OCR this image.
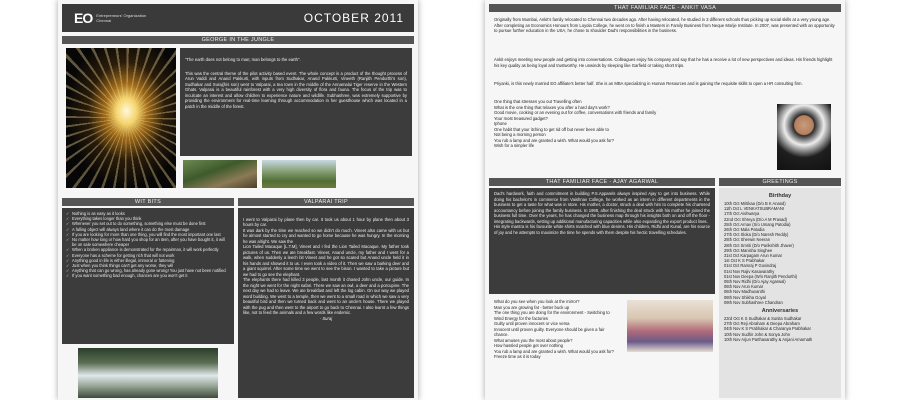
EO Entrepreneurs' Organization
Chennai	OCTOBER 2011
GEORGE IN THE JUNGLE

"The earth does not belong to man; man belongs to the earth".

This was the central theme of the pilot activity based event. The whole concept is a product of the thought process of Arun Vaddi and Anand Pakkurti, with inputs from Sudhakar, Anand Pakkurti, Vineeth (Ranjith Pendurthi's son), Sudhakar and Suraj(his son) went to Valparai, a tea town in the middle of the Annamalai Tiger reserve in the Western Ghats. Valparai is a beautiful rainforest with a very high diversity of flora and fauna. The focus of the trip was to inculcate an interest and allow children to experience nature and wildlife. Subhashree, was extremely supportive by providing the environment for real-time learning through accommodation in her guesthouse which was located in a patch in the middle of the forest.

WIT BITS
✓ Nothing is as easy as it looks
✓ Everything takes longer than you think
✓ Whenever you set out to do something, something else must be done first
✓ A falling object will always land where it can do the most damage
✓ If you are looking for more than one thing, you will find the most important one last
✓ No matter how long or how hard you shop for an item, after you have bought it, it will be on sale somewhere cheaper
✓ When a broken appliance is demonstrated for the repairman, it will work perfectly
✓ Everyone has a scheme for getting rich that will not work
✓ Anything good in life is either illegal, immoral or fattening
✓ Just when you think things can't get any worse, they will
✓ Anything that can go wrong, has already gone wrong! You just have not been notified
✓ If you want something bad enough, chances are you won't get it
VALPARAI TRIP

I went to Valparai by plane then by car. It took us about 1 hour by plane then about 3 hours by car.
It was dark by the time we reached so we didn't do much. Vineet also came with us but he almost started to cry and wanted to go home because he was hungry. In the morning he was alright. We saw the
Lion Tailed Macaque [L.T.M], Vineet and I fed the Lion Tailed Macaque. My father took pictures of us. Then we ate breakfast. Vineet, Anand uncle, my father and I went for a walk, when suddenly a leech bit Vineet and he got so scared but Anand uncle held it in his hands and showed it to us. I even took a video of it. Then we saw a barking deer and a giant squirrel. After some time we went to see the bison. I wanted to take a picture but we had to go see the elephant.
The elephants there had killed 3 people, last month it chased John uncle, our guide. In the night we went for the night safari. There we saw an owl, a deer and a porcupine. The next day we had to leave. We ate breakfast and left the log cabin. On our way we played word building. We went to a temple, then we went to a small road in which we saw a very beautiful bird and then we turned back and went to an uncle's house. There we played with the pug and then went to the airport to go back to Chennai. I also learnt a few things like, not to feed the animals and a few words like endemic.

- Suraj

THAT FAMILIAR FACE - ANKIT VASA
Originally from Mumbai, Ankit's family relocated to Chennai two decades ago. After having relocated, he studied in 3 different schools thus picking up social skills at a very young age. After completing an Economics Honours from Loyola College, he went on to finish a Masters in Family Business from Neque Morije Institute. In 2007, was presented with an opportunity to pursue further education in the USA, he chose to shoulder Dad's responsibilities in the business.
Ankit enjoys meeting new people and getting into conversations. Colleagues enjoy his company and say that he has a receive a lot of new perspectives and ideas. His friends highlight his key quality as being loyal and trustworthy. He unwinds by sleeping like Garfield or taking short trips.
Priyanki, is this newly married EO affiliate's better half. She is an MBA specializing in Human Resources and is gaining the requisite skills to open a HR consulting firm.
One thing that stresses you out Travelling often
What is the one thing that relaxes you after a hard day's work?
Good movie, cooking or an evening out for coffee, conversations with friends and family
Your most treasured gadget?
Iphone
One habit that your itching to get rid off but never been able to
Not being a morning person
You rub a lamp and are granted a wish. What would you ask for?
Wish for a simpler life
THAT FAMILIAR FACE - AJAY AGARWAL
Dad's hardwork, faith and commitment in building P.S.Apparels always inspired Ajay to get into business. While doing his bachelor's in commerce from Vaishnav College, he worked as an intern in different departments in the business to get a taste for what was in store. His mother, a doctor, struck a deal with him to complete his chartered accountancy before joining the family business. In 1998, after finishing the deal struck with his mother he joined the business full time. Over the years, he has changed the business map through his insights both on and off the floor - integrating backwards, setting up additional manufacturing capacities while also expanding the export product lines.
His style mantra is his favourite white shirts matched with blue denims. His children, Ridhi and Kunal, are his source of joy and he attempts to maximize the time he spends with them despite his hectic travelling schedules.
What do you see when you look at the mirror?
Man you are growing fat - better buck up
The one thing you are doing for the environment - Switching to Wind Energy for the factories
Guilty until proven innocent or vice versa
Innocent until proven guilty. Everyone should be given a fair chance.
What amuses you the most about people?
How hassled people get over nothing
You rub a lamp and are granted a wish. What would you ask for?
Freeze time as it is today
GREETINGS
Birthday
10th Oct Mritikaa (D/o B K Anand)
11th Oct L VENKATSUBRAMANI
17th Oct Aishwarya
22nd Oct Shreya (D/o A M Prasad)
25th Oct Arnav (S/o Umang Patodia)
26th Oct Mala Patodia
27th Oct Sloka (D/o Naresh Reddy)
28th Oct Sherwin Neeran
28th Oct Smriti (D/o Parikshith Jhaver)
29th Oct Manisha Singhee
31st Oct Karpagam Arun Kumar
1st Oct K S Prabhakar
01st Oct Ramraj P Govindraj
01st Nov Rajiv Kasavarathy
01st Nov Deepa (W/o Ranjith Pendurthi)
05th Nov Ridhi (D/o Ajay Agarwal)
05th Nov Arun Kumar
06th Nov Madhuvanthi
08th Nov Shikha Goyal
09th Nov Subhashree Chandran
Anniversaries
23rd Oct K S Sudhakar & Sunita Sudhakar
27th Oct Reji Abraham & Deepa Abraham
04th Nov K S Prabhakar & Charanya Prabhakar
10th Nov Sudhir John & Sonya John
10th Nov Arjun Parthasarathy & Anjani Amarnath
